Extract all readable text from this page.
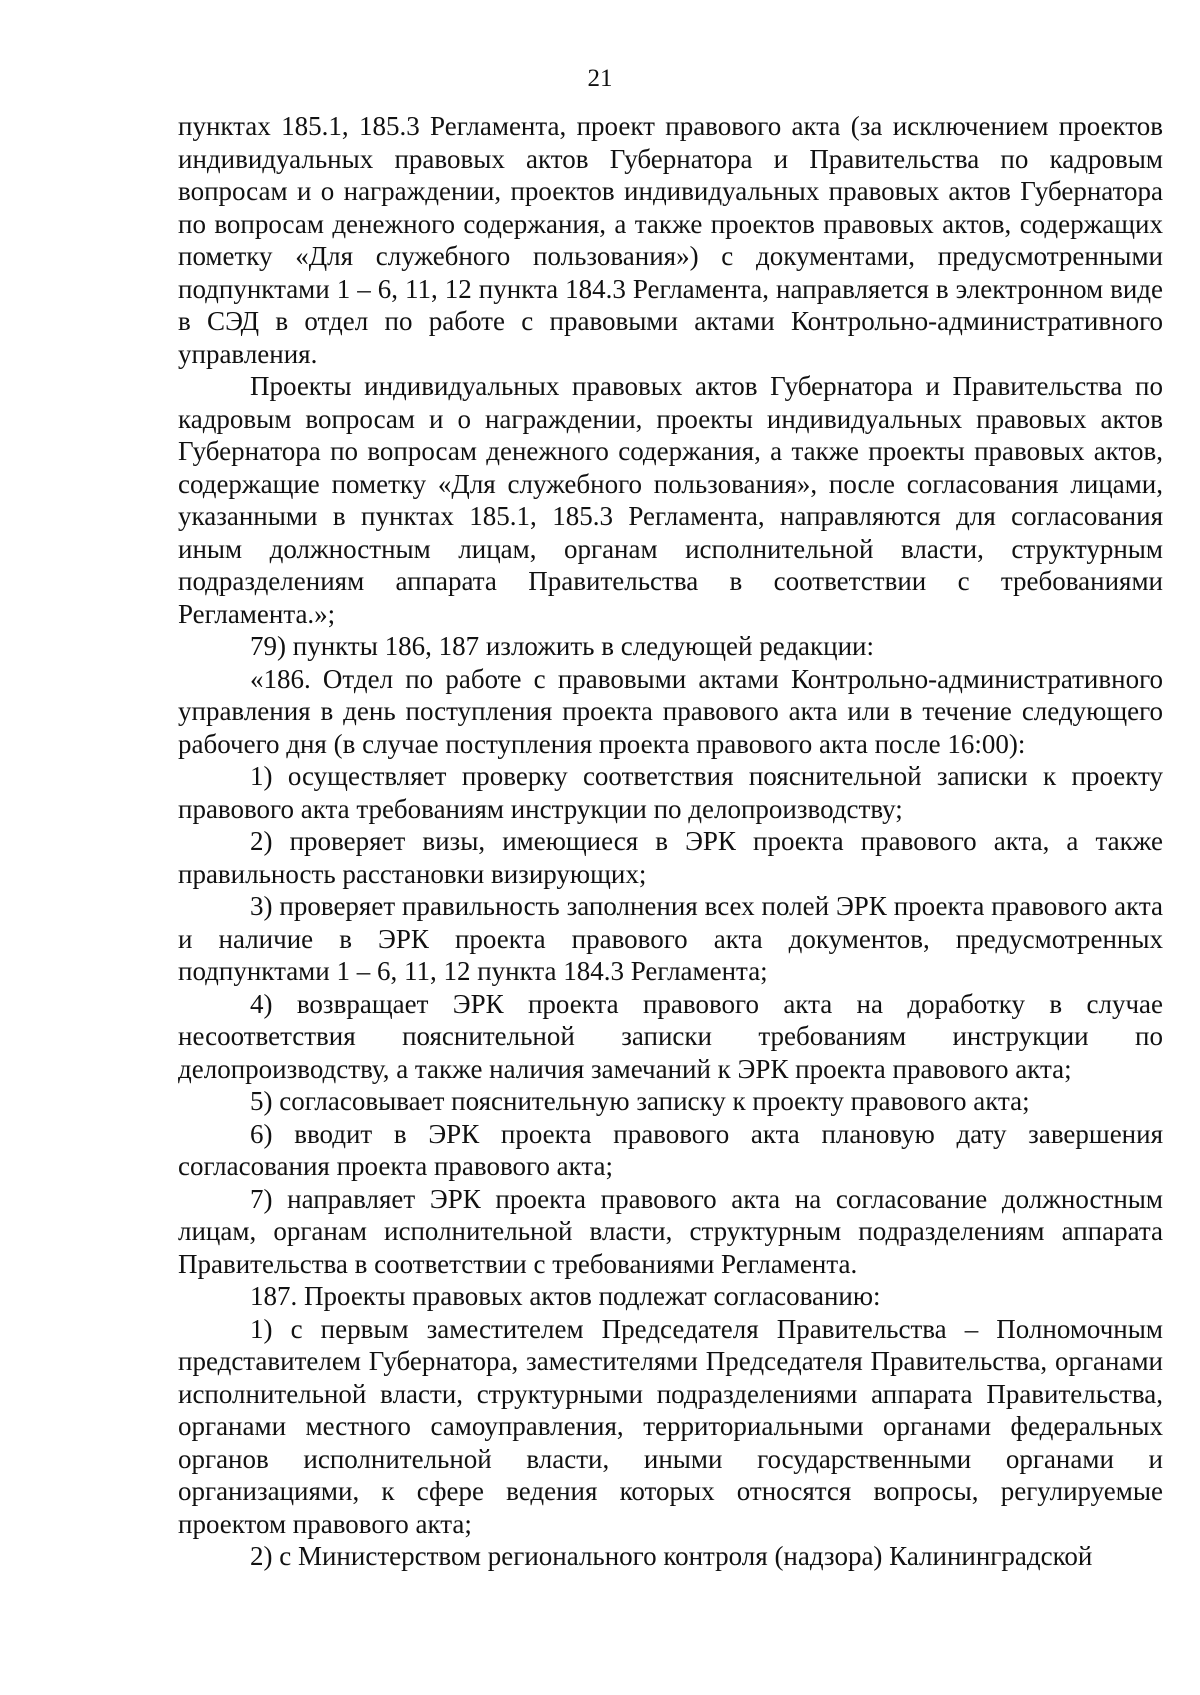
21

пунктах 185.1, 185.3 Регламента, проект правового акта (за исключением проектов индивидуальных правовых актов Губернатора и Правительства по кадровым вопросам и о награждении, проектов индивидуальных правовых актов Губернатора по вопросам денежного содержания, а также проектов правовых актов, содержащих пометку «Для служебного пользования») с документами, предусмотренными подпунктами 1 – 6, 11, 12 пункта 184.3 Регламента, направляется в электронном виде в СЭД в отдел по работе с правовыми актами Контрольно-административного управления.

Проекты индивидуальных правовых актов Губернатора и Правительства по кадровым вопросам и о награждении, проекты индивидуальных правовых актов Губернатора по вопросам денежного содержания, а также проекты правовых актов, содержащие пометку «Для служебного пользования», после согласования лицами, указанными в пунктах 185.1, 185.3 Регламента, направляются для согласования иным должностным лицам, органам исполнительной власти, структурным подразделениям аппарата Правительства в соответствии с требованиями Регламента.»;

79) пункты 186, 187 изложить в следующей редакции:

«186. Отдел по работе с правовыми актами Контрольно-административного управления в день поступления проекта правового акта или в течение следующего рабочего дня (в случае поступления проекта правового акта после 16:00):

1) осуществляет проверку соответствия пояснительной записки к проекту правового акта требованиям инструкции по делопроизводству;

2) проверяет визы, имеющиеся в ЭРК проекта правового акта, а также правильность расстановки визирующих;

3) проверяет правильность заполнения всех полей ЭРК проекта правового акта и наличие в ЭРК проекта правового акта документов, предусмотренных подпунктами 1 – 6, 11, 12 пункта 184.3 Регламента;

4) возвращает ЭРК проекта правового акта на доработку в случае несоответствия пояснительной записки требованиям инструкции по делопроизводству, а также наличия замечаний к ЭРК проекта правового акта;

5) согласовывает пояснительную записку к проекту правового акта;

6) вводит в ЭРК проекта правового акта плановую дату завершения согласования проекта правового акта;

7) направляет ЭРК проекта правового акта на согласование должностным лицам, органам исполнительной власти, структурным подразделениям аппарата Правительства в соответствии с требованиями Регламента.

187. Проекты правовых актов подлежат согласованию:

1) с первым заместителем Председателя Правительства – Полномочным представителем Губернатора, заместителями Председателя Правительства, органами исполнительной власти, структурными подразделениями аппарата Правительства, органами местного самоуправления, территориальными органами федеральных органов исполнительной власти, иными государственными органами и организациями, к сфере ведения которых относятся вопросы, регулируемые проектом правового акта;

2) с Министерством регионального контроля (надзора) Калининградской
